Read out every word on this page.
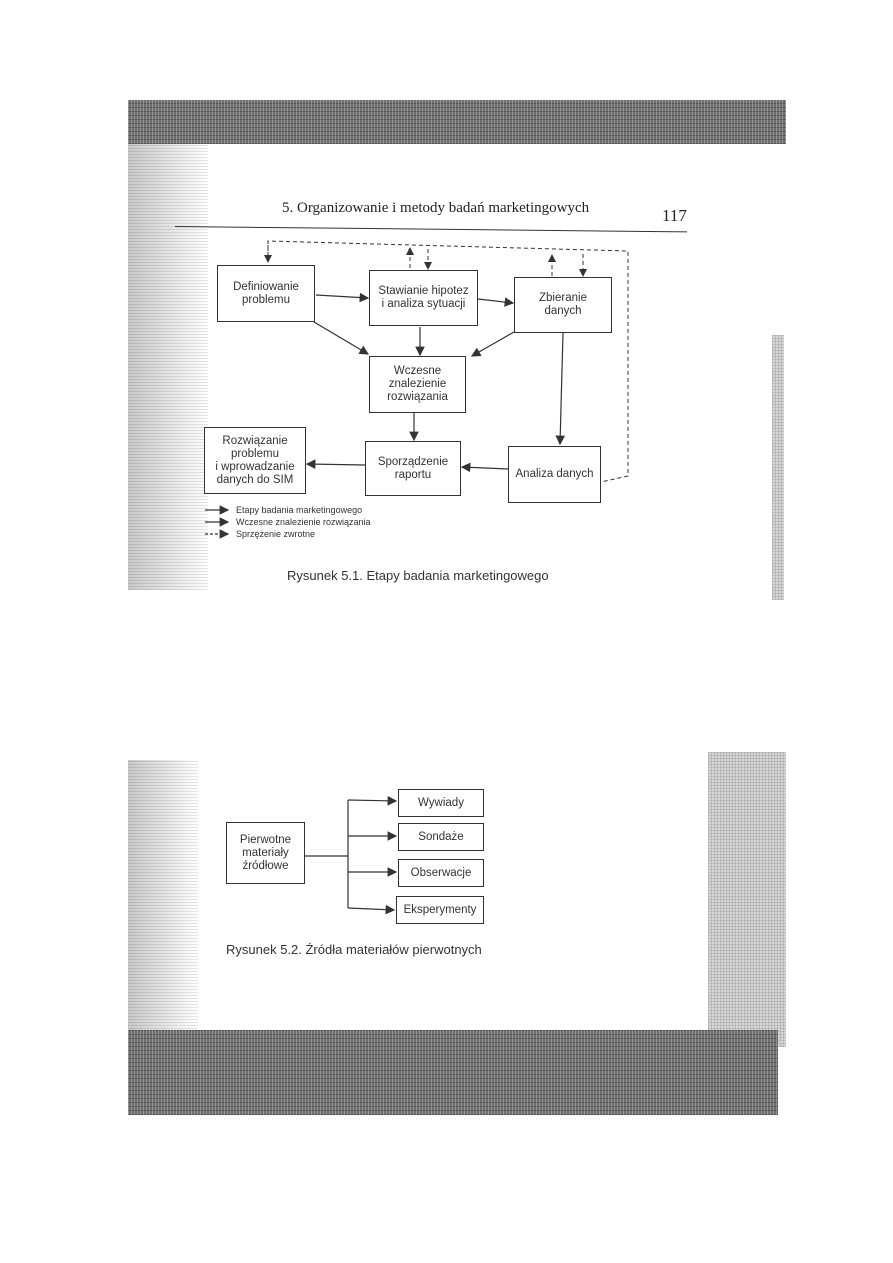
5. Organizowanie i metody badań marketingowych	117
Definiowanie
problemu
Stawianie hipotez
i analiza sytuacji	Zbieranie
danych
Wczesne
znalezienie
rozwiązania
Rozwiązanie
problemu
i wprowadzanie
danych do SIM
Sporządzenie
raportu	Analiza danych
Etapy badania marketingowego
Wczesne znalezienie rozwiązania
Sprzężenie zwrotne
Rysunek 5.1. Etapy badania marketingowego
Pierwotne
materiały
źródłowe
Wywiady
Sondaże
Obserwacje
Eksperymenty
Rysunek 5.2. Źródła materiałów pierwotnych
